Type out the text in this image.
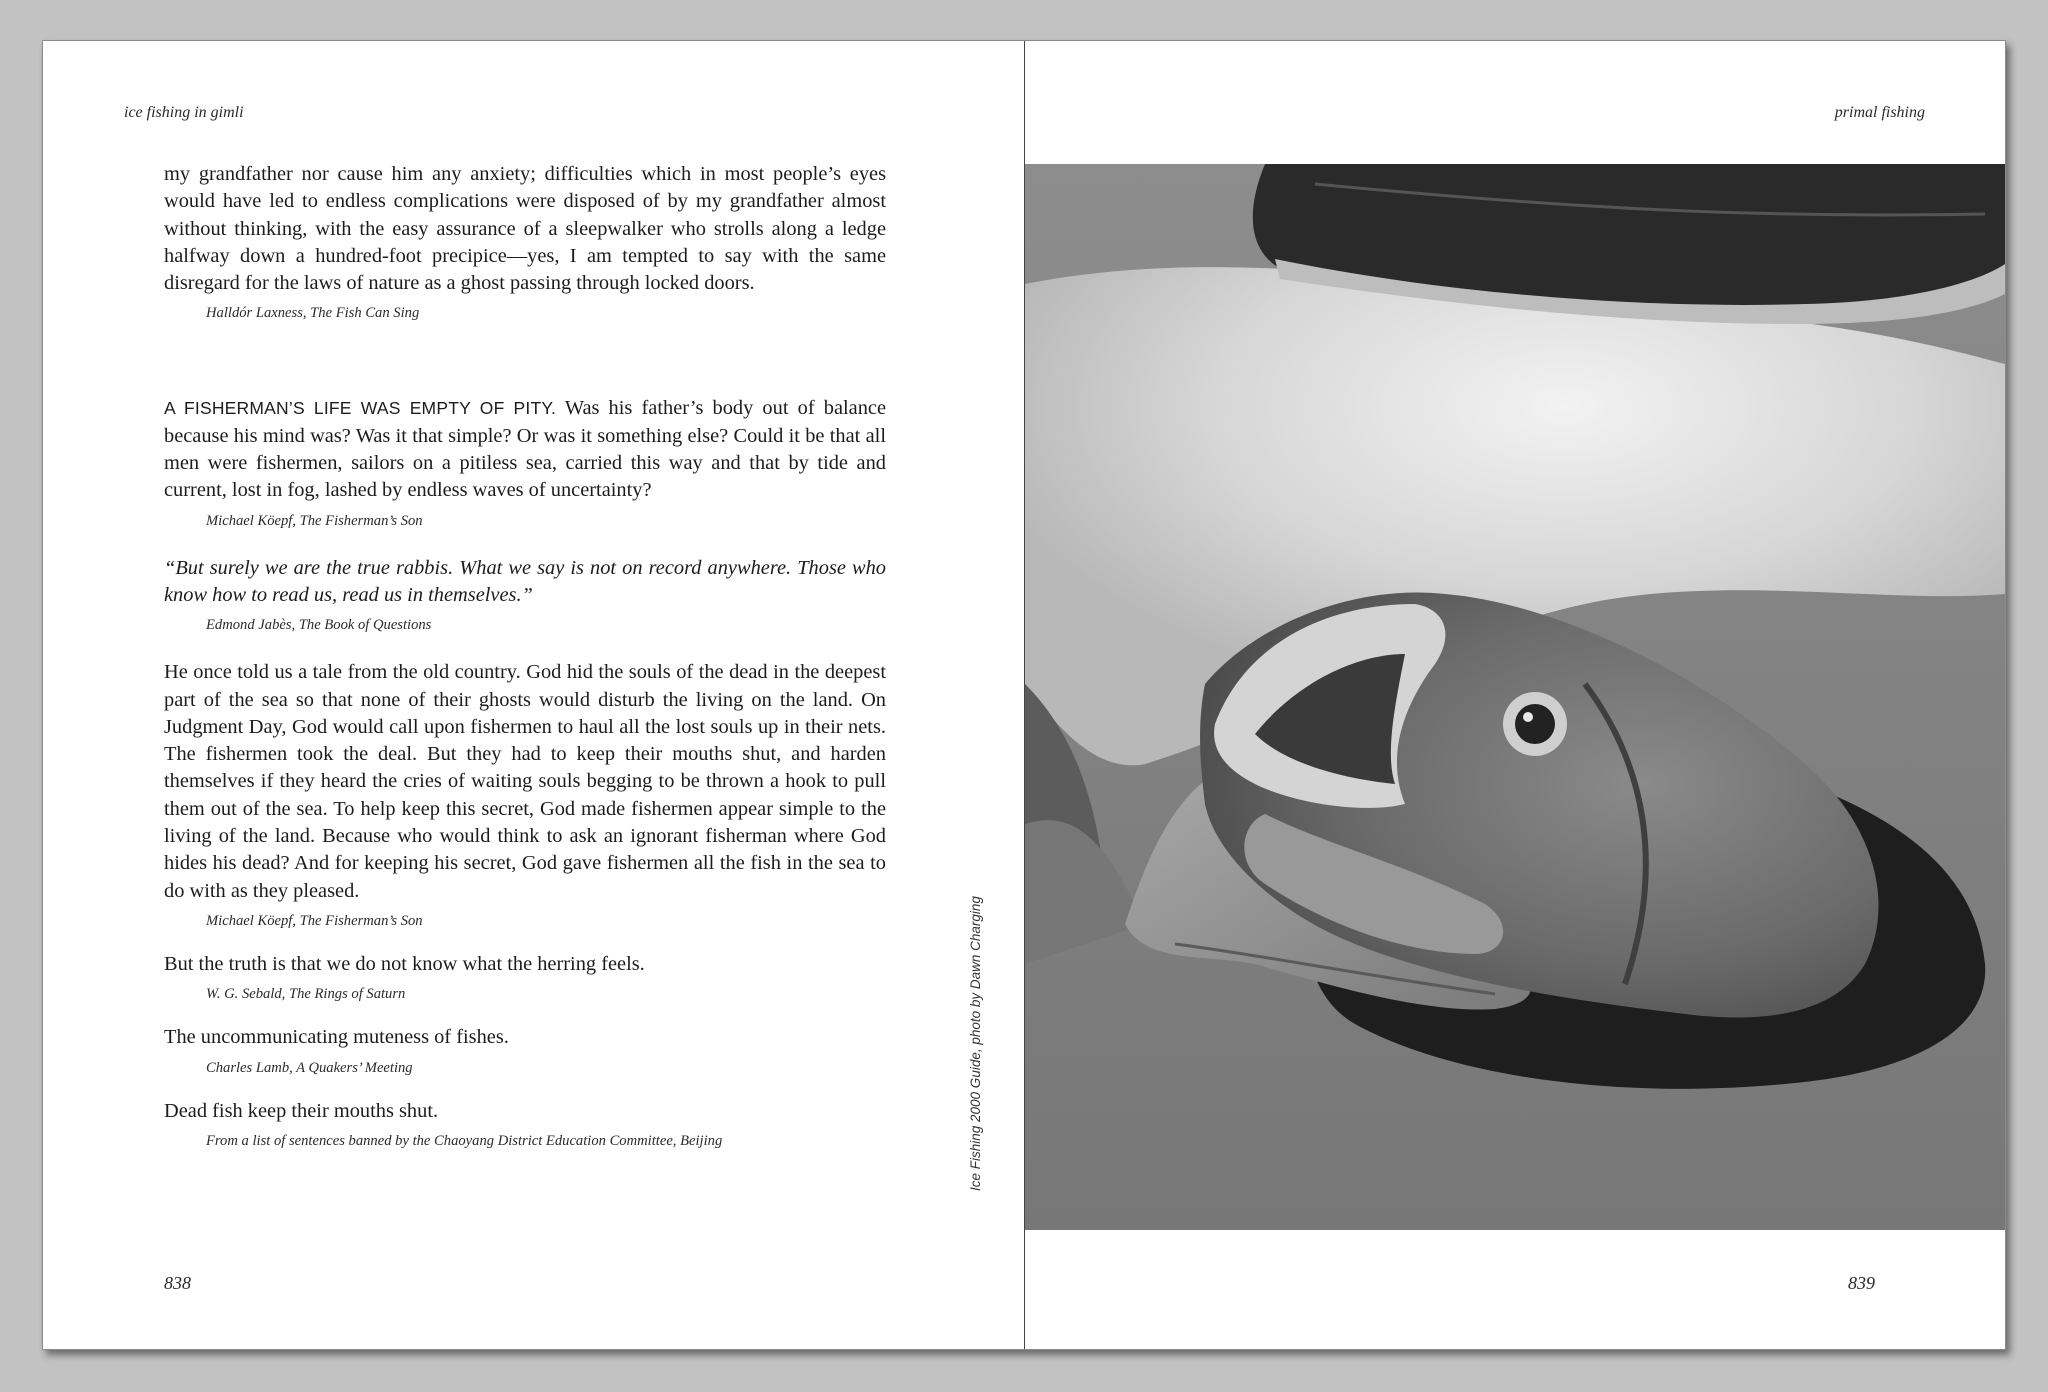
ice fishing in gimli

my grandfather nor cause him any anxiety; difficulties which in most people’s eyes would have led to endless complications were disposed of by my grandfather almost without thinking, with the easy assurance of a sleepwalker who strolls along a ledge halfway down a hundred-foot precipice—yes, I am tempted to say with the same disregard for the laws of nature as a ghost passing through locked doors.

Halldór Laxness, The Fish Can Sing

A FISHERMAN’S LIFE WAS EMPTY OF PITY. Was his father’s body out of balance because his mind was? Was it that simple? Or was it something else? Could it be that all men were fishermen, sailors on a pitiless sea, carried this way and that by tide and current, lost in fog, lashed by endless waves of uncertainty?

Michael Köepf, The Fisherman’s Son

“But surely we are the true rabbis. What we say is not on record anywhere. Those who know how to read us, read us in themselves.”

Edmond Jabès, The Book of Questions

He once told us a tale from the old country. God hid the souls of the dead in the deepest part of the sea so that none of their ghosts would disturb the living on the land. On Judgment Day, God would call upon fishermen to haul all the lost souls up in their nets. The fishermen took the deal. But they had to keep their mouths shut, and harden themselves if they heard the cries of waiting souls begging to be thrown a hook to pull them out of the sea. To help keep this secret, God made fishermen appear simple to the living of the land. Because who would think to ask an ignorant fisherman where God hides his dead? And for keeping his secret, God gave fishermen all the fish in the sea to do with as they pleased.

Michael Köepf, The Fisherman’s Son

But the truth is that we do not know what the herring feels.

W. G. Sebald, The Rings of Saturn

The uncommunicating muteness of fishes.

Charles Lamb, A Quakers’ Meeting

Dead fish keep their mouths shut.

From a list of sentences banned by the Chaoyang District Education Committee, Beijing
838
Ice Fishing 2000 Guide, photo by Dawn Charging
primal fishing
839
